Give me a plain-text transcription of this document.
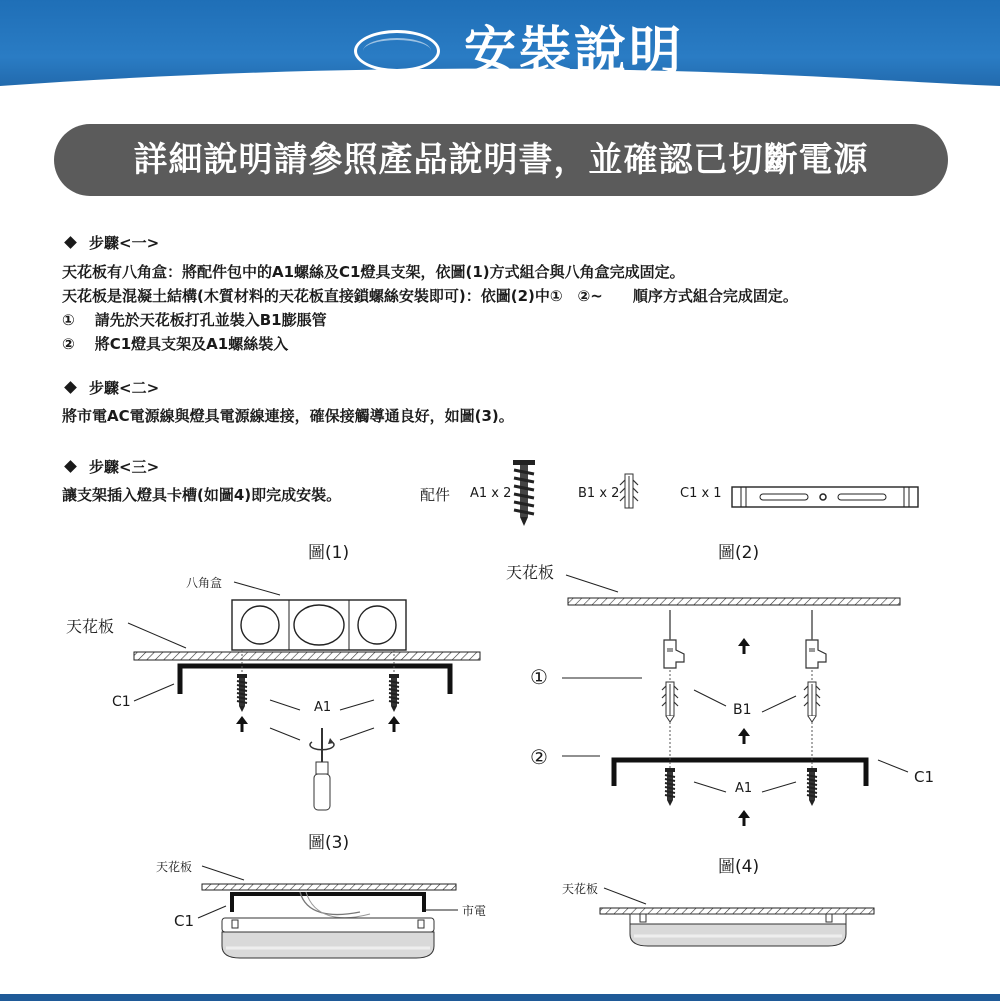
安裝說明
詳細說明請參照產品說明書，並確認已切斷電源
步驟<一>
天花板有八角盒：將配件包中的A1螺絲及C1燈具支架，依圖(1)方式組合與八角盒完成固定。
天花板是混凝土結構(木質材料的天花板直接鎖螺絲安裝即可)：依圖(2)中①　②~　　順序方式組合完成固定。
① 請先於天花板打孔並裝入B1膨脹管
② 將C1燈具支架及A1螺絲裝入
步驟<二>
將市電AC電源線與燈具電源線連接，確保接觸導通良好，如圖(3)。
步驟<三>
讓支架插入燈具卡槽(如圖4)即完成安裝。	配件 A1 x 2	B1 x 2	C1 x 1
圖(1)	圖(2)
圖(3)
圖(4)
八角盒
天花板
C1	A1
天花板
①
②
B1
A1
C1
天花板
C1
市電
天花板
